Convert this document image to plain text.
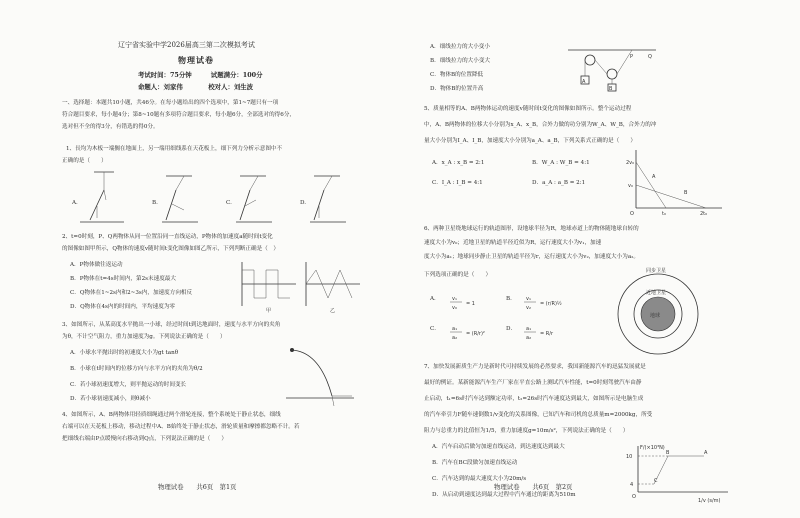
辽宁省实验中学2026届高三第二次模拟考试
物理试卷
考试时间：75分钟　　　试题满分：100分
命题人：刘家伟　　　　校对人：刘生波
一、选择题：本题共10小题，共46分。在每小题给出的四个选项中，第1~7题只有一项
符合题目要求，每小题4分；第8~10题有多项符合题目要求，每小题6分，全部选对的得6分，
选对但不全的得3分，有错选的得0分。
1、長均为木板一端搁在地面上，另一端用细线系在天花板上，细下列力分析示意图中不
正确的是（　　）
A.	B.	C.	D.
2、t=0时刻，P、Q两物体从同一位置沿同一直线运动，P物体的加速度a随时间t变化
的图像如图甲所示，Q物体的速度v随时间t变化图像如图乙所示，下列判断正确是（　）
A．P物体做往返运动
B．P物体在t=4s时间内，第2s末速度最大
C．Q物体在1~2s内和2~3s内，加速度方向相反
D．Q物体在4s内的时间内，平均速度为零
甲	乙
3、如图所示，从某高度水平抛出一小球，经过时间t到达地面时，速度与水平方向的夹角
为θ，不计空气阻力，重力加速度为g。下列说法正确的是（　　）
A．小球水平抛出时的初速度大小为gt tanθ
B．小球在t时间内的位移方向与水平方向的夹角为θ/2
C．若小球初速度增大，则平抛运动的时间变长
D．若小球初速度减小，则θ减小
4、如图所示，A、B两物体用轻质细绳通过两个滑轮连接，整个系统处于静止状态，细线
右端可以在天花板上移动，移动过程中A、B始终处于静止状态，滑轮质量和摩擦都忽略不计。若
把细线右端由P点缓慢向右移动到Q点，下列说法正确的是（　　）
物理试卷　　共6页　第1页
A．细线拉力的大小变小
B．细线拉力的大小变大
C．物体B的位置降低
D．物体B的位置升高
P	Q
A
B
5、质量相等的A、B两物体运动的速度v随时间t变化的图像如图所示。整个运动过程
中，A、B两物体的位移大小分别为x_A、x_B，合外力做的功分别为W_A、W_B，合外力的冲
量大小分别为I_A、I_B，加速度大小分别为a_A、a_B，下列关系式正确的是（　　）
A．x_A : x_B = 2:1	B．W_A : W_B = 4:1
C．I_A : I_B = 4:1	D．a_A : a_B = 2:1
2v₀
v₀
O	t₀	2t₀
A
B
6、两种卫星绕地球运行的轨道图形，设地球半径为R，地球赤道上的物体随地球自转的
速度大小为v₀；近地卫星的轨道半径近似为R，运行速度大小为v₁，加速
度大小为a₁；地球同步静止卫星的轨道半径为r，运行速度大小为v₂，加速度大小为a₂。
下列选项正确的是（　　）
A．	B．
C．	D．
v₁
v₀
= 1
v₁
v₂
= (r/R)½
a₁
a₂
= (R/r)²
a₁
a₂
= R/r
同步卫星
近地卫星
地球
7、加快发展新质生产力是新时代可持续发展的必然要求，我国新能源汽车的迅猛发展就是
最好的例证。某新能源汽车生产厂家在平直公路上测试汽车性能，t=0时刻驾驶汽车由静
止启动，t₁=6s时汽车达到额定功率，t₂=26s时汽车速度达到最大，如图所示是电脑生成
的汽车牵引力F随车速倒数1/v变化的关系图像，已知汽车和司机的总质量m=2000kg，所受
阻力与总重力的比值恒为1/5，重力加速度g=10m/s²，下列说法正确的是（　　）
A．汽车启动后做匀加速直线运动，到达速度达到最大
B．汽车在BC段做匀加速直线运动
C．汽车达到的最大速度大小为20m/s
D．从启动到速度达到最大过程中汽车通过的距离为510m
F/(×10³N)
10
4
O
A
B
C
1/v (s/m)
物理试卷　　共6页　第2页
